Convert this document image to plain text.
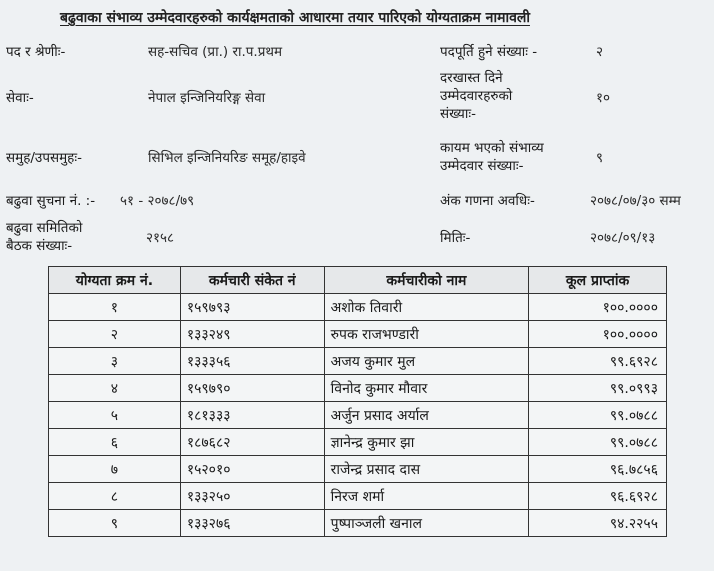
बढुवाका संभाव्य उम्मेदवारहरुको कार्यक्षमताको आधारमा तयार पारिएको योग्यताक्रम नामावली
पद र श्रेणीः-	सह-सचिव (प्रा.) रा.प.प्रथम
सेवाः-	नेपाल इन्जिनियरिङ्ग सेवा
समुह/उपसमुहः-	सिभिल इन्जिनियरिङ समूह/हाइवे
बढुवा सुचना नं. :- ५१ - २०७८/७९
बढुवा समितिको
बैठक संख्याः-	२१५८
पदपूर्ति हुने संख्याः -	२
दरखास्त दिने
उम्मेदवारहरुको
संख्याः-
१०
कायम भएको संभाव्य
उम्मेदवार संख्याः-	९
अंक गणना अवधिः-	२०७८/०७/३० सम्म
मितिः-	२०७८/०९/१३
योग्यता क्रम नं.	कर्मचारी संकेत नं	कर्मचारीको नाम	कूल प्राप्तांक
१	१५९७९३	अशोक तिवारी	१००.००००
२	१३३२४९	रुपक राजभण्डारी	१००.००००
३	१३३३५६	अजय कुमार मुल	९९.६९२८
४	१५९७९०	विनोद कुमार मौवार	९९.०९९३
५	१८१३३३	अर्जुन प्रसाद अर्याल	९९.०७८८
६	१८७६८२	ज्ञानेन्द्र कुमार झा	९९.०७८८
७	१५२०१०	राजेन्द्र प्रसाद दास	९६.७८५६
८	१३३२५०	निरज शर्मा	९६.६९२८
९	१३३२७६	पुष्पाञ्जली खनाल	९४.२२५५
